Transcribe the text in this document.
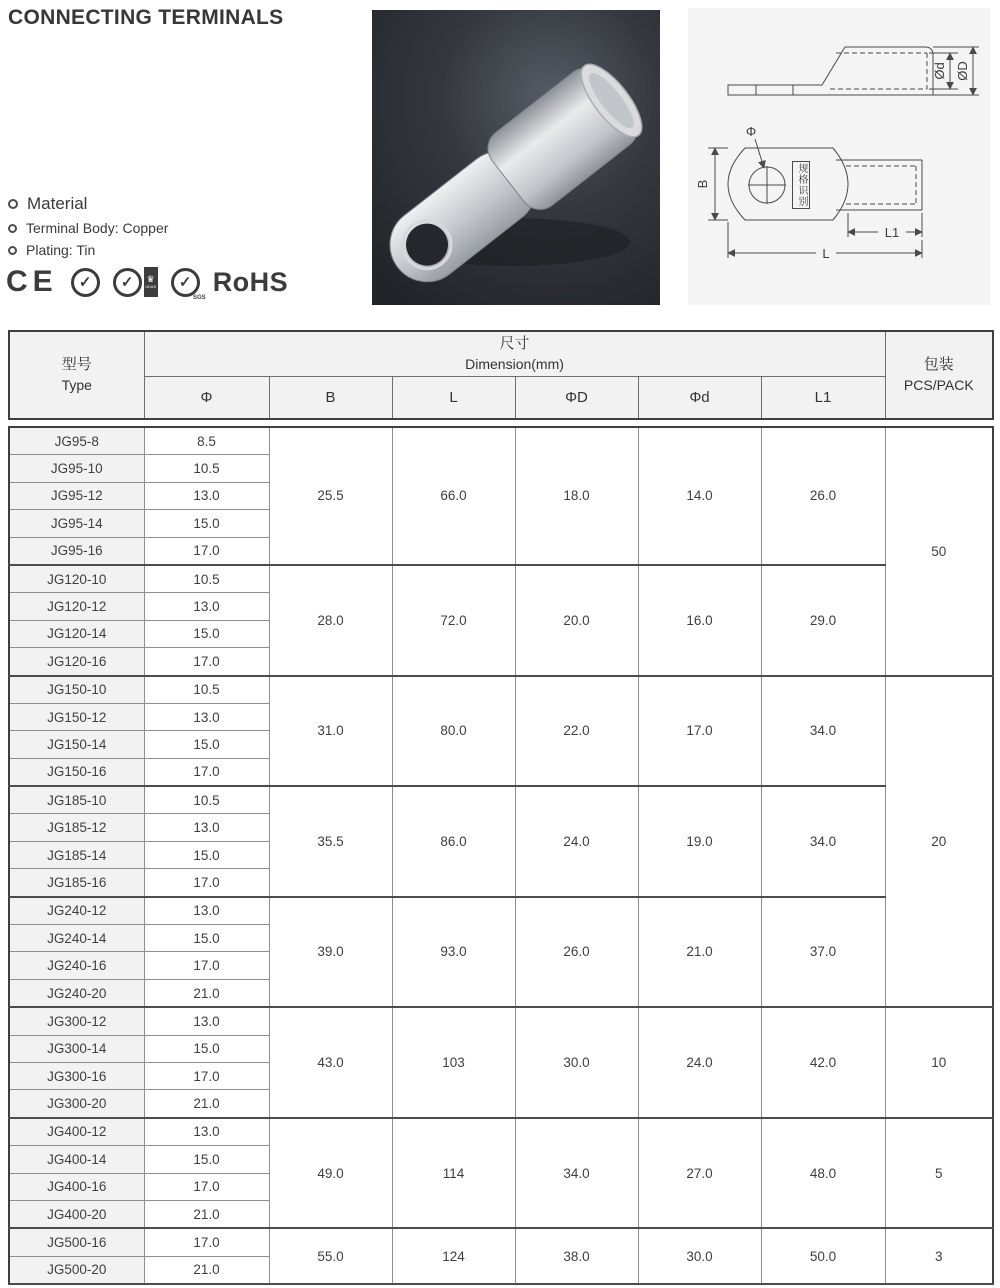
CONNECTING TERMINALS
Material
Terminal Body: Copper
Plating: Tin
CE ✓ ✓ ♛
UKAS ✓
SGS
RoHS
Ød ØD
Φ
B
L1
L
规格识别
型号
Type	尺寸
Dimension(mm)						包装
PCS/PACK

	Φ	B	L	ΦD	Φd	L1	
JG95-8	8.5	25.5	66.0	18.0	14.0	26.0	50
JG95-10	10.5						
JG95-12	13.0						
JG95-14	15.0						
JG95-16	17.0						
JG120-10	10.5	28.0	72.0	20.0	16.0	29.0	
JG120-12	13.0						
JG120-14	15.0						
JG120-16	17.0						
JG150-10	10.5	31.0	80.0	22.0	17.0	34.0	20
JG150-12	13.0						
JG150-14	15.0						
JG150-16	17.0						
JG185-10	10.5	35.5	86.0	24.0	19.0	34.0	
JG185-12	13.0						
JG185-14	15.0						
JG185-16	17.0						
JG240-12	13.0	39.0	93.0	26.0	21.0	37.0	
JG240-14	15.0						
JG240-16	17.0						
JG240-20	21.0						
JG300-12	13.0	43.0	103	30.0	24.0	42.0	10
JG300-14	15.0						
JG300-16	17.0						
JG300-20	21.0						
JG400-12	13.0	49.0	114	34.0	27.0	48.0	5
JG400-14	15.0						
JG400-16	17.0						
JG400-20	21.0						
JG500-16	17.0	55.0	124	38.0	30.0	50.0	3
JG500-20	21.0						
